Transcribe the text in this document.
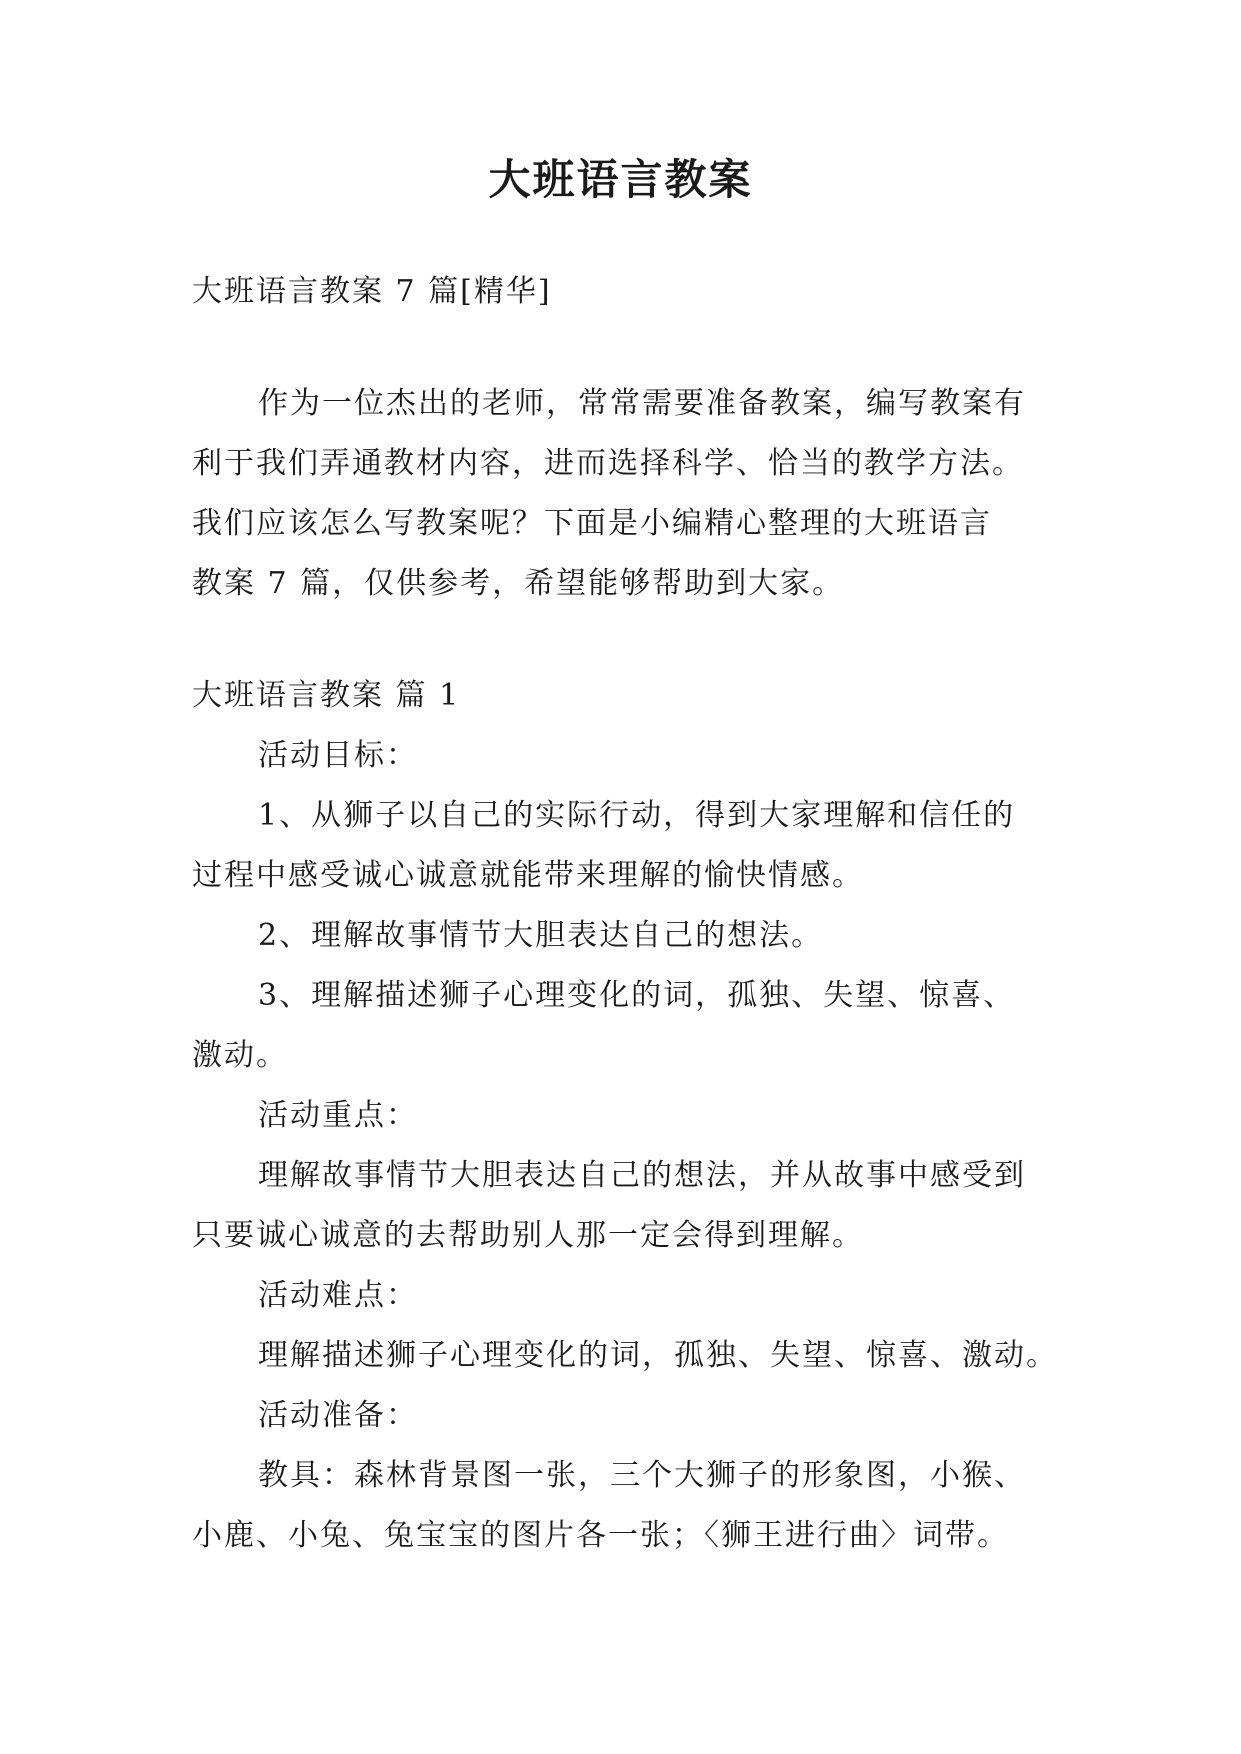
大班语言教案

大班语言教案 7 篇[精华]

作为一位杰出的老师，常常需要准备教案，编写教案有

利于我们弄通教材内容，进而选择科学、恰当的教学方法。

我们应该怎么写教案呢？下面是小编精心整理的大班语言

教案 7 篇，仅供参考，希望能够帮助到大家。

大班语言教案 篇 1

活动目标：

1、从狮子以自己的实际行动，得到大家理解和信任的

过程中感受诚心诚意就能带来理解的愉快情感。

2、理解故事情节大胆表达自己的想法。

3、理解描述狮子心理变化的词，孤独、失望、惊喜、

激动。

活动重点：

理解故事情节大胆表达自己的想法，并从故事中感受到

只要诚心诚意的去帮助别人那一定会得到理解。

活动难点：

理解描述狮子心理变化的词，孤独、失望、惊喜、激动。

活动准备：

教具：森林背景图一张，三个大狮子的形象图，小猴、

小鹿、小兔、兔宝宝的图片各一张；〈狮王进行曲〉词带。
